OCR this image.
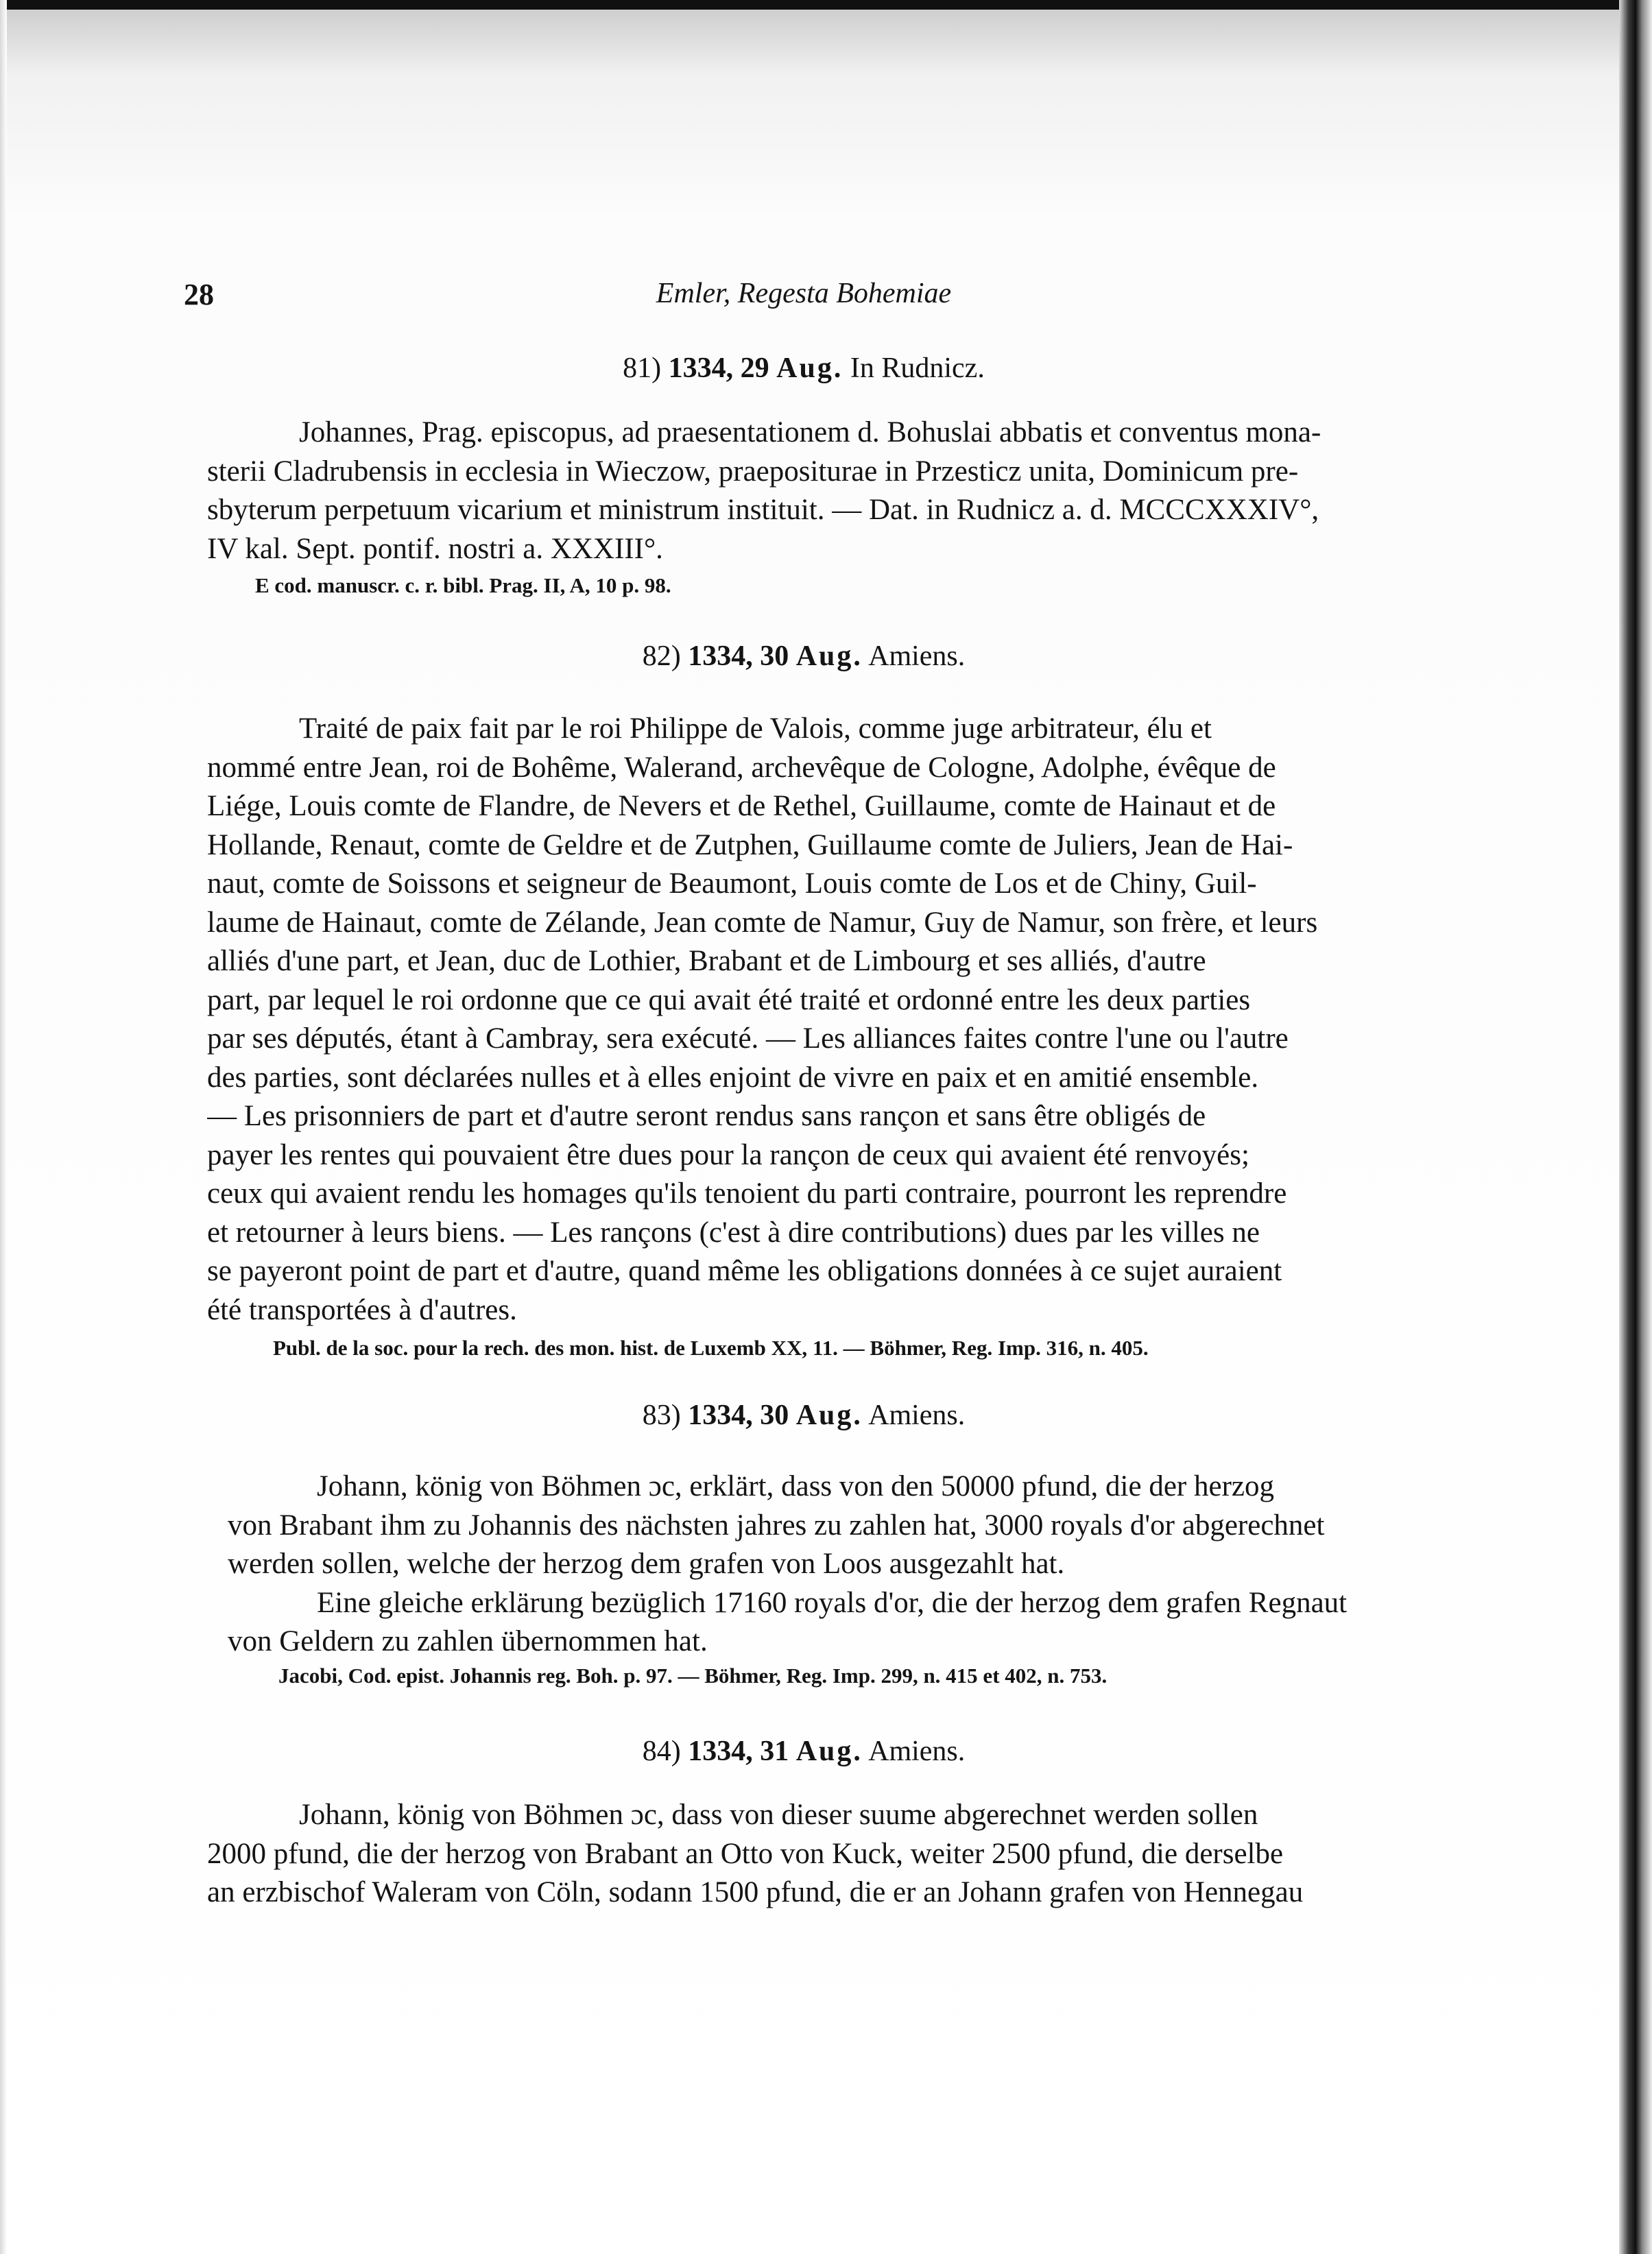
28	Emler, Regesta Bohemiae
81) 1334, 29 Aug. In Rudnicz.
Johannes, Prag. episcopus, ad praesentationem d. Bohuslai abbatis et conventus mona-
sterii Cladrubensis in ecclesia in Wieczow, praeposituraе in Przesticz unita, Dominicum pre-
sbyterum perpetuum vicarium et ministrum instituit. — Dat. in Rudnicz a. d. MCCCXXXIV°,
IV kal. Sept. pontif. nostri a. XXXIII°.
E cod. manuscr. c. r. bibl. Prag. II, A, 10 p. 98.
82) 1334, 30 Aug. Amiens.
Traité de paix fait par le roi Philippe de Valois, comme juge arbitrateur, élu et
nommé entre Jean, roi de Bohême, Walerand, archevêque de Cologne, Adolphe, évêque de
Liége, Louis comte de Flandre, de Nevers et de Rethel, Guillaume, comte de Hainaut et de
Hollande, Renaut, comte de Geldre et de Zutphen, Guillaume comte de Juliers, Jean de Hai-
naut, comte de Soissons et seigneur de Beaumont, Louis comte de Los et de Chiny, Guil-
laume de Hainaut, comte de Zélande, Jean comte de Namur, Guy de Namur, son frère, et leurs
alliés d'une part, et Jean, duc de Lothier, Brabant et de Limbourg et ses alliés, d'autre
part, par lequel le roi ordonne que ce qui avait été traité et ordonné entre les deux parties
par ses députés, étant à Cambray, sera exécuté. — Les alliances faites contre l'une ou l'autre
des parties, sont déclarées nulles et à elles enjoint de vivre en paix et en amitié ensemble.
— Les prisonniers de part et d'autre seront rendus sans rançon et sans être obligés de
payer les rentes qui pouvaient être dues pour la rançon de ceux qui avaient été renvoyés;
ceux qui avaient rendu les homages qu'ils tenoient du parti contraire, pourront les reprendre
et retourner à leurs biens. — Les rançons (c'est à dire contributions) dues par les villes ne
se payeront point de part et d'autre, quand même les obligations données à ce sujet auraient
été transportées à d'autres.
Publ. de la soc. pour la rech. des mon. hist. de Luxemb XX, 11. — Böhmer, Reg. Imp. 316, n. 405.
83) 1334, 30 Aug. Amiens.
Johann, könig von Böhmen ɔc, erklärt, dass von den 50000 pfund, die der herzog
von Brabant ihm zu Johannis des nächsten jahres zu zahlen hat, 3000 royals d'or abgerechnet
werden sollen, welche der herzog dem grafen von Loos ausgezahlt hat.
Eine gleiche erklärung bezüglich 17160 royals d'or, die der herzog dem grafen Regnaut
von Geldern zu zahlen übernommen hat.
Jacobi, Cod. epist. Johannis reg. Boh. p. 97. — Böhmer, Reg. Imp. 299, n. 415 et 402, n. 753.
84) 1334, 31 Aug. Amiens.
Johann, könig von Böhmen ɔc, dass von dieser suume abgerechnet werden sollen
2000 pfund, die der herzog von Brabant an Otto von Kuck, weiter 2500 pfund, die derselbe
an erzbischof Waleram von Cöln, sodann 1500 pfund, die er an Johann grafen von Hennegau
